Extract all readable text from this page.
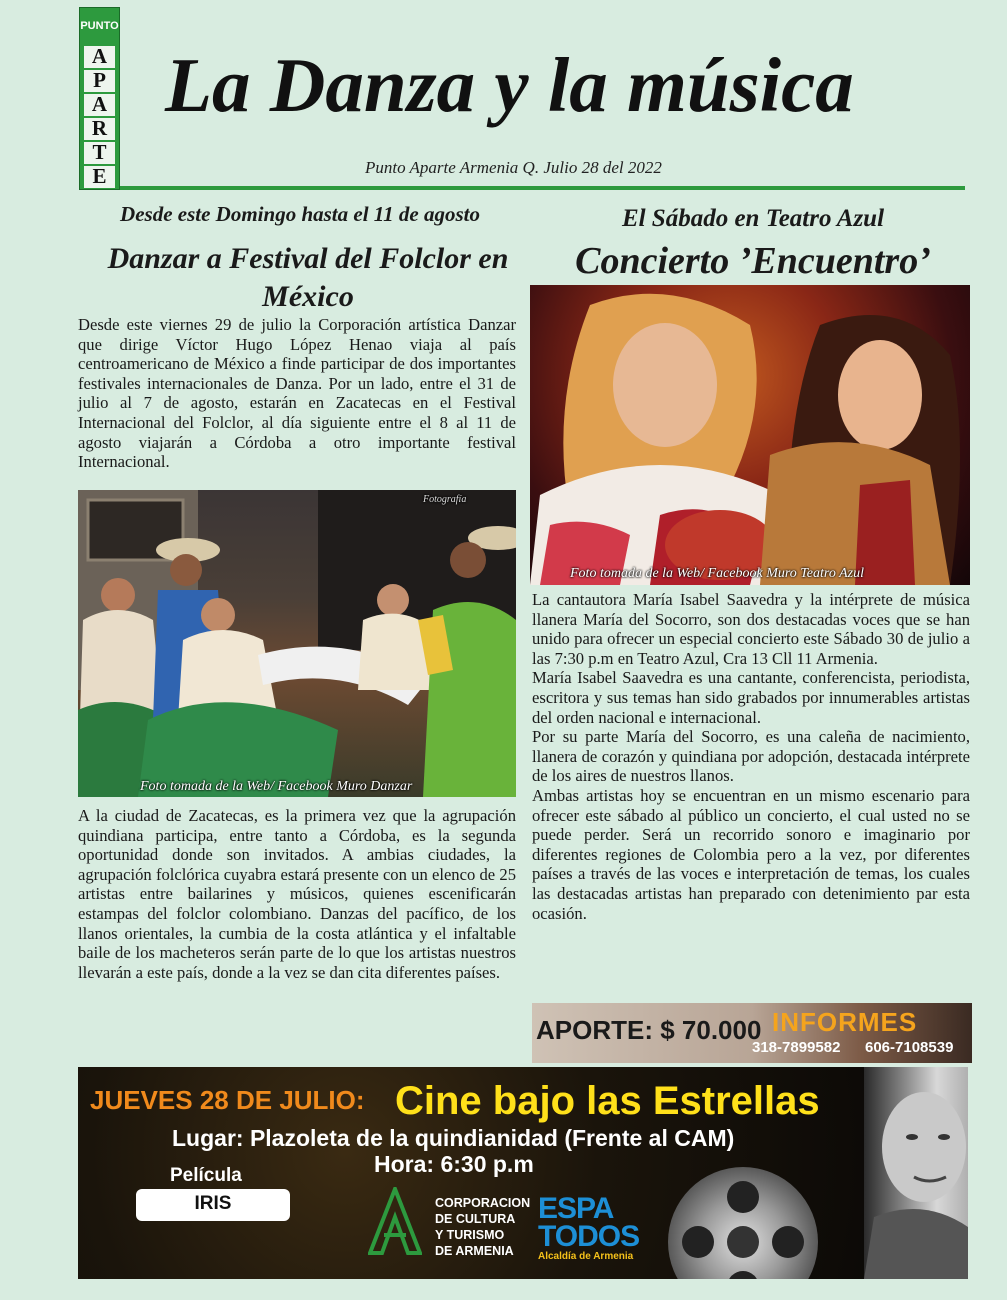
PUNTO
A
P
A
R
T
E
La Danza y la música
Punto Aparte Armenia Q. Julio 28 del 2022
Desde este Domingo hasta el 11 de agosto
Danzar a Festival del Folclor en México
Desde este viernes 29 de julio la Corporación artística Danzar que dirige Víctor Hugo López Henao viaja al país centroamericano de México a finde participar de dos importantes festivales internacionales de Danza. Por un lado, entre el 31 de julio al 7 de agosto, estarán en Zacatecas en el Festival Internacional del Folclor, al día siguiente entre el 8 al 11 de agosto viajarán a Córdoba a otro importante festival Internacional.
Foto tomada de la Web/ Facebook Muro Danzar
Fotografía
A la ciudad de Zacatecas, es la primera vez que la agrupación quindiana participa, entre tanto a Córdoba, es la segunda oportunidad donde son invitados. A ambias ciudades, la agrupación folclórica cuyabra estará presente con un elenco de 25 artistas entre bailarines y músicos, quienes escenificarán estampas del folclor colombiano. Danzas del pacífico, de los llanos orientales, la cumbia de la costa atlántica y el infaltable baile de los macheteros serán parte de lo que los artistas nuestros llevarán a este país, donde a la vez se dan cita diferentes países.
El Sábado en Teatro Azul
Concierto ’Encuentro’
Foto tomada de la Web/ Facebook Muro Teatro Azul
La cantautora María Isabel Saavedra y la intérprete de música llanera María del Socorro, son dos destacadas voces que se han unido para ofrecer un especial concierto este Sábado 30 de julio a las 7:30 p.m en Teatro Azul, Cra 13 Cll 11 Armenia.
María Isabel Saavedra es una cantante, conferencista, periodista, escritora y sus temas han sido grabados por innumerables artistas del orden nacional e internacional.
Por su parte María del Socorro, es una caleña de nacimiento, llanera de corazón y quindiana por adopción, destacada intérprete de los aires de nuestros llanos.
Ambas artistas hoy se encuentran en un mismo escenario para ofrecer este sábado al público un concierto, el cual usted no se puede perder. Será un recorrido sonoro e imaginario por diferentes regiones de Colombia pero a la vez, por diferentes países a través de las voces e interpretación de temas, los cuales las destacadas artistas han preparado con detenimiento par esta ocasión.
APORTE: $ 70.000 INFORMES
318-7899582 606-7108539
JUEVES 28 DE JULIO: Cine bajo las Estrellas
Lugar: Plazoleta de la quindianidad (Frente al CAM)
Hora: 6:30 p.m
Película
IRIS	CORPORACION
DE CULTURA
Y TURISMO
DE ARMENIA
ESPA
TODOS
Alcaldía de Armenia
